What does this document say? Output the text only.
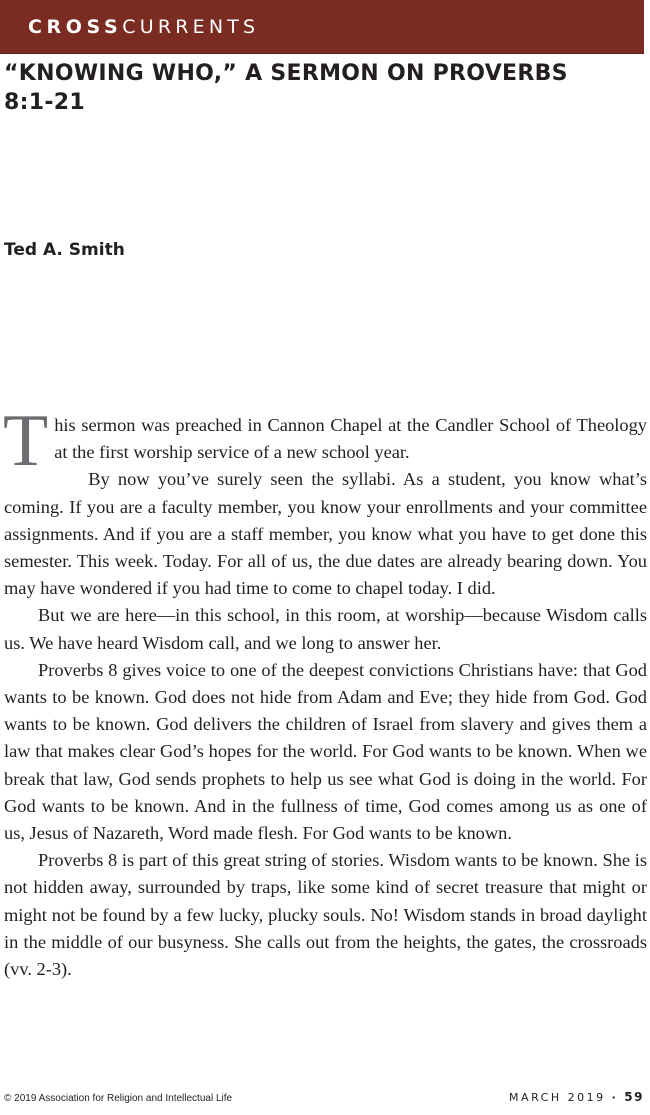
CROSSCURRENTS
“KNOWING WHO,” A SERMON ON PROVERBS 8:1-21
Ted A. Smith

This sermon was preached in Cannon Chapel at the Candler School of Theology at the first worship service of a new school year.

By now you’ve surely seen the syllabi. As a student, you know what’s coming. If you are a faculty member, you know your enrollments and your committee assignments. And if you are a staff member, you know what you have to get done this semester. This week. Today. For all of us, the due dates are already bearing down. You may have wondered if you had time to come to chapel today. I did.

But we are here—in this school, in this room, at worship—because Wisdom calls us. We have heard Wisdom call, and we long to answer her.

Proverbs 8 gives voice to one of the deepest convictions Christians have: that God wants to be known. God does not hide from Adam and Eve; they hide from God. God wants to be known. God delivers the children of Israel from slavery and gives them a law that makes clear God’s hopes for the world. For God wants to be known. When we break that law, God sends prophets to help us see what God is doing in the world. For God wants to be known. And in the fullness of time, God comes among us as one of us, Jesus of Nazareth, Word made flesh. For God wants to be known.

Proverbs 8 is part of this great string of stories. Wisdom wants to be known. She is not hidden away, surrounded by traps, like some kind of secret treasure that might or might not be found by a few lucky, plucky souls. No! Wisdom stands in broad daylight in the middle of our busyness. She calls out from the heights, the gates, the crossroads (vv. 2-3).

© 2019 Association for Religion and Intellectual Life	MARCH 2019 · 59
